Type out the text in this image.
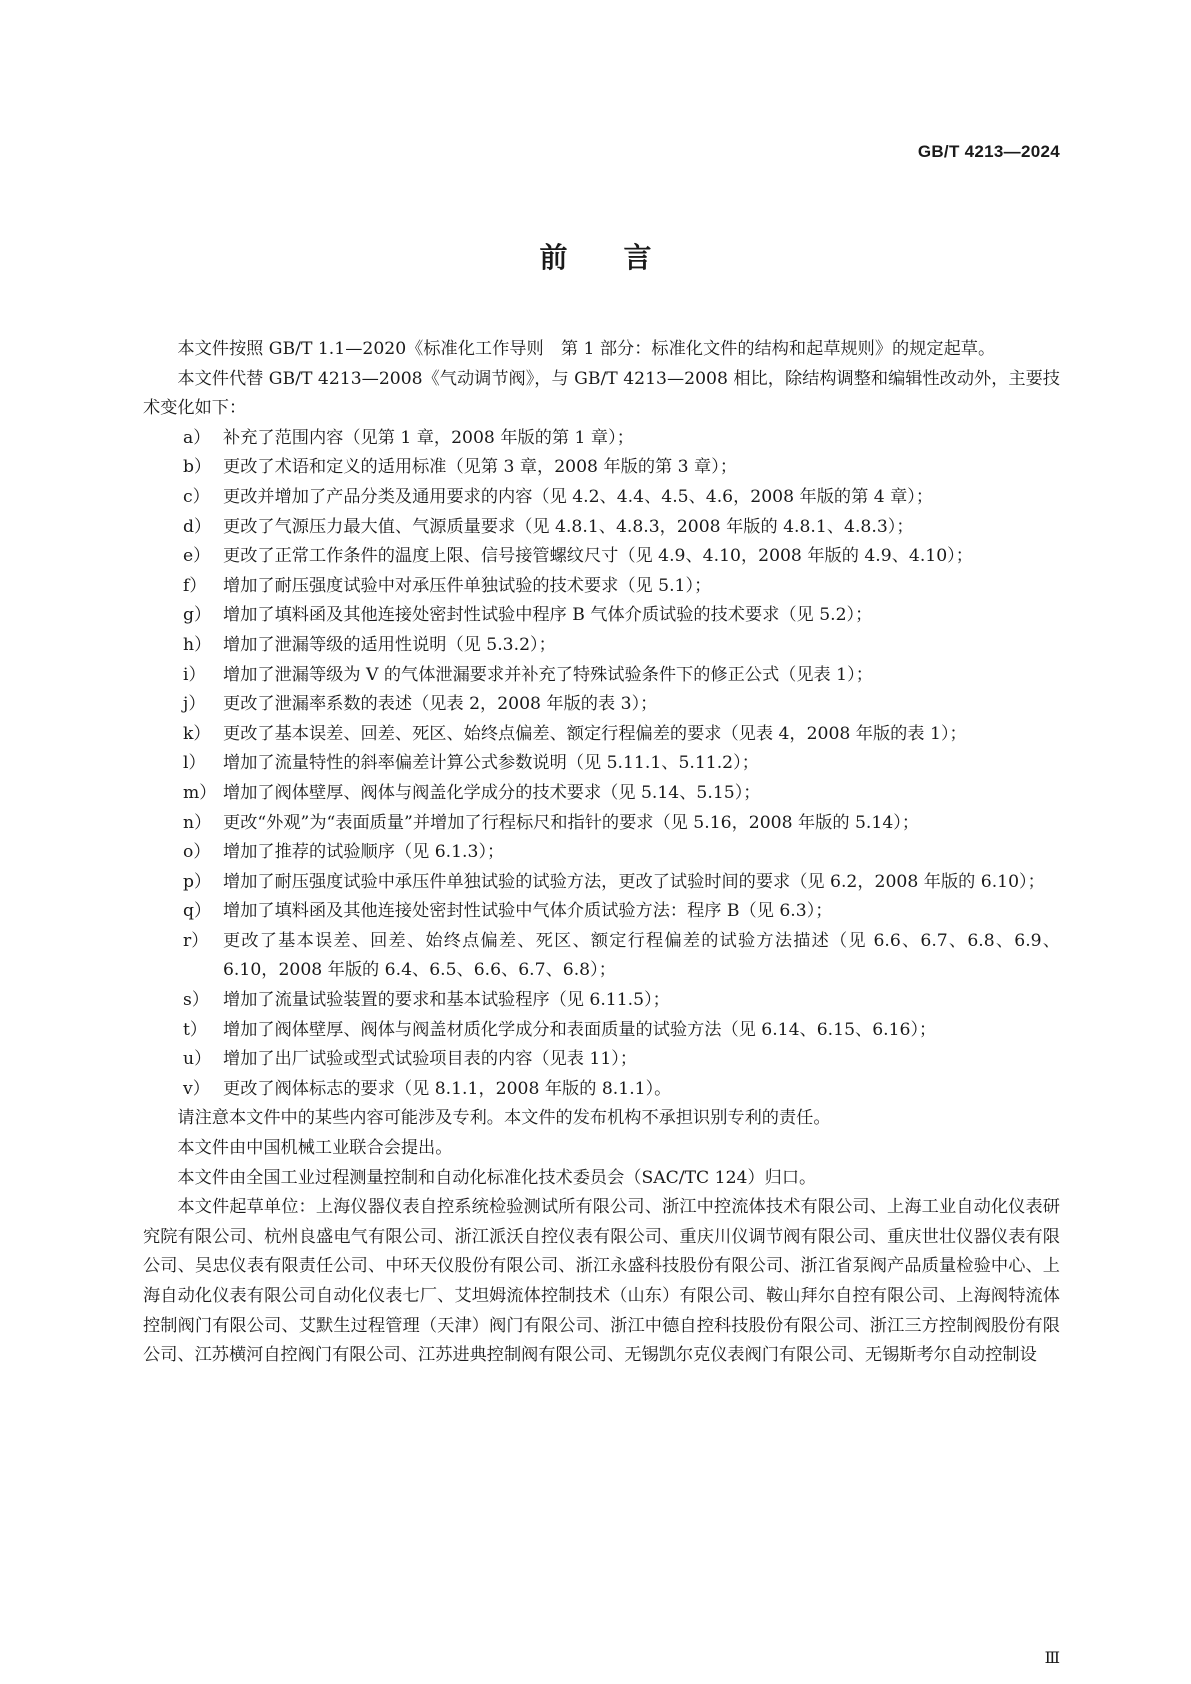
GB/T 4213—2024
前言

本文件按照 GB/T 1.1—2020《标准化工作导则　第 1 部分：标准化文件的结构和起草规则》的规定起草。

本文件代替 GB/T 4213—2008《气动调节阀》，与 GB/T 4213—2008 相比，除结构调整和编辑性改动外，主要技术变化如下：

a） 补充了范围内容（见第 1 章，2008 年版的第 1 章）；
b） 更改了术语和定义的适用标准（见第 3 章，2008 年版的第 3 章）；
c） 更改并增加了产品分类及通用要求的内容（见 4.2、4.4、4.5、4.6，2008 年版的第 4 章）；
d） 更改了气源压力最大值、气源质量要求（见 4.8.1、4.8.3，2008 年版的 4.8.1、4.8.3）；
e） 更改了正常工作条件的温度上限、信号接管螺纹尺寸（见 4.9、4.10，2008 年版的 4.9、4.10）；
f） 增加了耐压强度试验中对承压件单独试验的技术要求（见 5.1）；
g） 增加了填料函及其他连接处密封性试验中程序 B 气体介质试验的技术要求（见 5.2）；
h） 增加了泄漏等级的适用性说明（见 5.3.2）；
i） 增加了泄漏等级为 V 的气体泄漏要求并补充了特殊试验条件下的修正公式（见表 1）；
j） 更改了泄漏率系数的表述（见表 2，2008 年版的表 3）；
k） 更改了基本误差、回差、死区、始终点偏差、额定行程偏差的要求（见表 4，2008 年版的表 1）；
l） 增加了流量特性的斜率偏差计算公式参数说明（见 5.11.1、5.11.2）；
m） 增加了阀体壁厚、阀体与阀盖化学成分的技术要求（见 5.14、5.15）；
n） 更改“外观”为“表面质量”并增加了行程标尺和指针的要求（见 5.16，2008 年版的 5.14）；
o） 增加了推荐的试验顺序（见 6.1.3）；
p） 增加了耐压强度试验中承压件单独试验的试验方法，更改了试验时间的要求（见 6.2，2008 年版的 6.10）；
q） 增加了填料函及其他连接处密封性试验中气体介质试验方法：程序 B（见 6.3）；
r） 更改了基本误差、回差、始终点偏差、死区、额定行程偏差的试验方法描述（见 6.6、6.7、6.8、6.9、6.10，2008 年版的 6.4、6.5、6.6、6.7、6.8）；
s） 增加了流量试验装置的要求和基本试验程序（见 6.11.5）；
t） 增加了阀体壁厚、阀体与阀盖材质化学成分和表面质量的试验方法（见 6.14、6.15、6.16）；
u） 增加了出厂试验或型式试验项目表的内容（见表 11）；
v） 更改了阀体标志的要求（见 8.1.1，2008 年版的 8.1.1）。

请注意本文件中的某些内容可能涉及专利。本文件的发布机构不承担识别专利的责任。

本文件由中国机械工业联合会提出。

本文件由全国工业过程测量控制和自动化标准化技术委员会（SAC/TC 124）归口。

本文件起草单位：上海仪器仪表自控系统检验测试所有限公司、浙江中控流体技术有限公司、上海工业自动化仪表研究院有限公司、杭州良盛电气有限公司、浙江派沃自控仪表有限公司、重庆川仪调节阀有限公司、重庆世壮仪器仪表有限公司、吴忠仪表有限责任公司、中环天仪股份有限公司、浙江永盛科技股份有限公司、浙江省泵阀产品质量检验中心、上海自动化仪表有限公司自动化仪表七厂、艾坦姆流体控制技术（山东）有限公司、鞍山拜尔自控有限公司、上海阀特流体控制阀门有限公司、艾默生过程管理（天津）阀门有限公司、浙江中德自控科技股份有限公司、浙江三方控制阀股份有限公司、江苏横河自控阀门有限公司、江苏进典控制阀有限公司、无锡凯尔克仪表阀门有限公司、无锡斯考尔自动控制设

Ⅲ
